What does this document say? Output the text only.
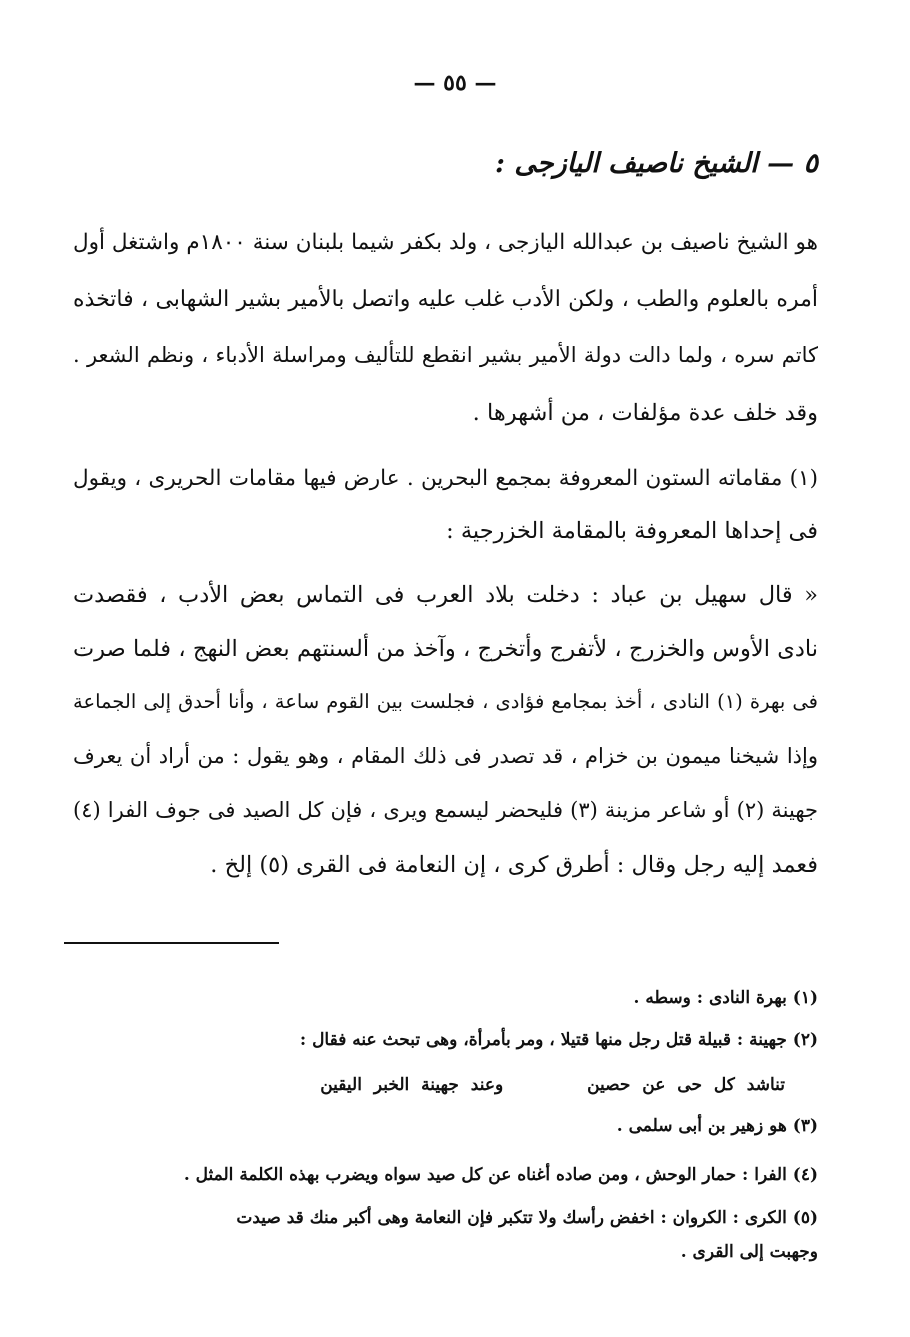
— ٥٥ —
٥ — الشيخ ناصيف اليازجى :
هو الشيخ ناصيف بن عبدالله اليازجى ، ولد بكفر شيما بلبنان سنة ١٨٠٠م واشتغل أول
أمره بالعلوم والطب ، ولكن الأدب غلب عليه واتصل بالأمير بشير الشهابى ، فاتخذه
كاتم سره ، ولما دالت دولة الأمير بشير انقطع للتأليف ومراسلة الأدباء ، ونظم الشعر .
وقد خلف عدة مؤلفات ، من أشهرها .
(١) مقاماته الستون المعروفة بمجمع البحرين . عارض فيها مقامات الحريرى ، ويقول
فى إحداها المعروفة بالمقامة الخزرجية :
« قال سهيل بن عباد : دخلت بلاد العرب فى التماس بعض الأدب ، فقصدت
نادى الأوس والخزرج ، لأتفرج وأتخرج ، وآخذ من ألسنتهم بعض النهج ، فلما صرت
فى بهرة (١) النادى ، أخذ بمجامع فؤادى ، فجلست بين القوم ساعة ، وأنا أحدق إلى الجماعة
وإذا شيخنا ميمون بن خزام ، قد تصدر فى ذلك المقام ، وهو يقول : من أراد أن يعرف
جهينة (٢) أو شاعر مزينة (٣) فليحضر ليسمع ويرى ، فإن كل الصيد فى جوف الفرا (٤)
فعمد إليه رجل وقال : أطرق كرى ، إن النعامة فى القرى (٥) إلخ .
(١) بهرة النادى : وسطه .
(٢) جهينة : قبيلة قتل رجل منها قتيلا ، ومر بأمرأة، وهى تبحث عنه فقال :
تناشد كل حى عن حصين  وعند جهينة الخبر اليقين
(٣) هو زهير بن أبى سلمى .
(٤) الفرا : حمار الوحش ، ومن صاده أغناه عن كل صيد سواه ويضرب بهذه الكلمة المثل .
(٥) الكرى : الكروان : اخفض رأسك ولا تتكبر فإن النعامة وهى أكبر منك قد صيدت
وجهبت إلى القرى .
